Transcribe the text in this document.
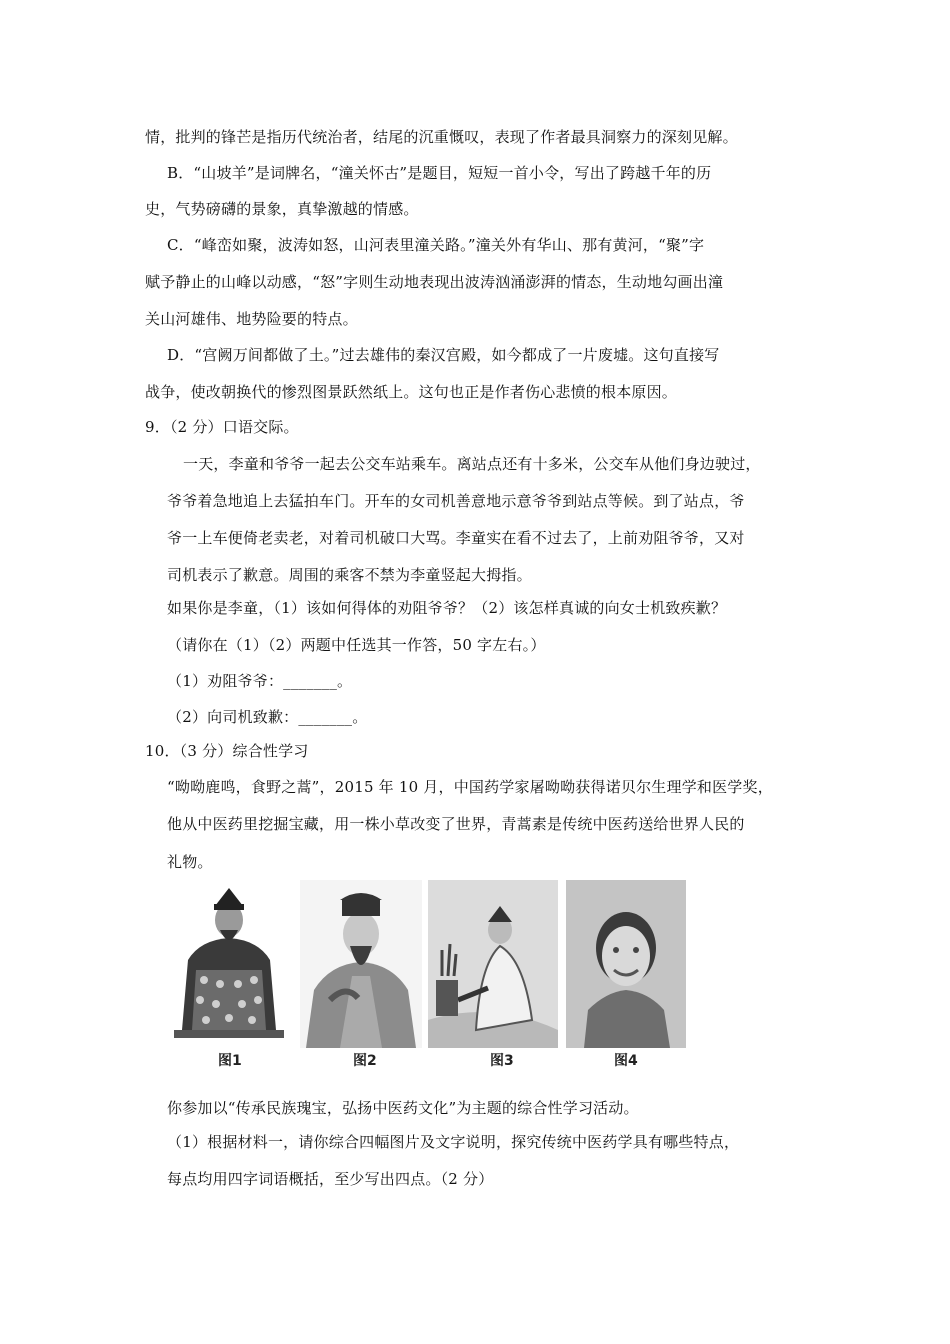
情，批判的锋芒是指历代统治者，结尾的沉重慨叹，表现了作者最具洞察力的深刻见解。
B．“山坡羊”是词牌名，“潼关怀古”是题目，短短一首小令，写出了跨越千年的历
史，气势磅礴的景象，真挚激越的情感。
C．“峰峦如聚，波涛如怒，山河表里潼关路。”潼关外有华山、那有黄河，“聚”字
赋予静止的山峰以动感，“怒”字则生动地表现出波涛汹涌澎湃的情态，生动地勾画出潼
关山河雄伟、地势险要的特点。
D．“宫阙万间都做了土。”过去雄伟的秦汉宫殿，如今都成了一片废墟。这句直接写
战争，使改朝换代的惨烈图景跃然纸上。这句也正是作者伤心悲愤的根本原因。
9．（2 分）口语交际。
一天，李童和爷爷一起去公交车站乘车。离站点还有十多米，公交车从他们身边驶过，
爷爷着急地追上去猛拍车门。开车的女司机善意地示意爷爷到站点等候。到了站点，爷
爷一上车便倚老卖老，对着司机破口大骂。李童实在看不过去了，上前劝阻爷爷，又对
司机表示了歉意。周围的乘客不禁为李童竖起大拇指。
如果你是李童，（1）该如何得体的劝阻爷爷？（2）该怎样真诚的向女士机致疾歉？
（请你在（1）（2）两题中任选其一作答，50 字左右。）
（1）劝阻爷爷：_______。
（2）向司机致歉：_______。
10．（3 分）综合性学习
“呦呦鹿鸣，食野之蒿”，2015 年 10 月，中国药学家屠呦呦获得诺贝尔生理学和医学奖，
他从中医药里挖掘宝藏，用一株小草改变了世界，青蒿素是传统中医药送给世界人民的
礼物。
图1	图2	图3	图4
你参加以“传承民族瑰宝，弘扬中医药文化”为主题的综合性学习活动。
（1）根据材料一，请你综合四幅图片及文字说明，探究传统中医药学具有哪些特点，
每点均用四字词语概括，至少写出四点。（2 分）
